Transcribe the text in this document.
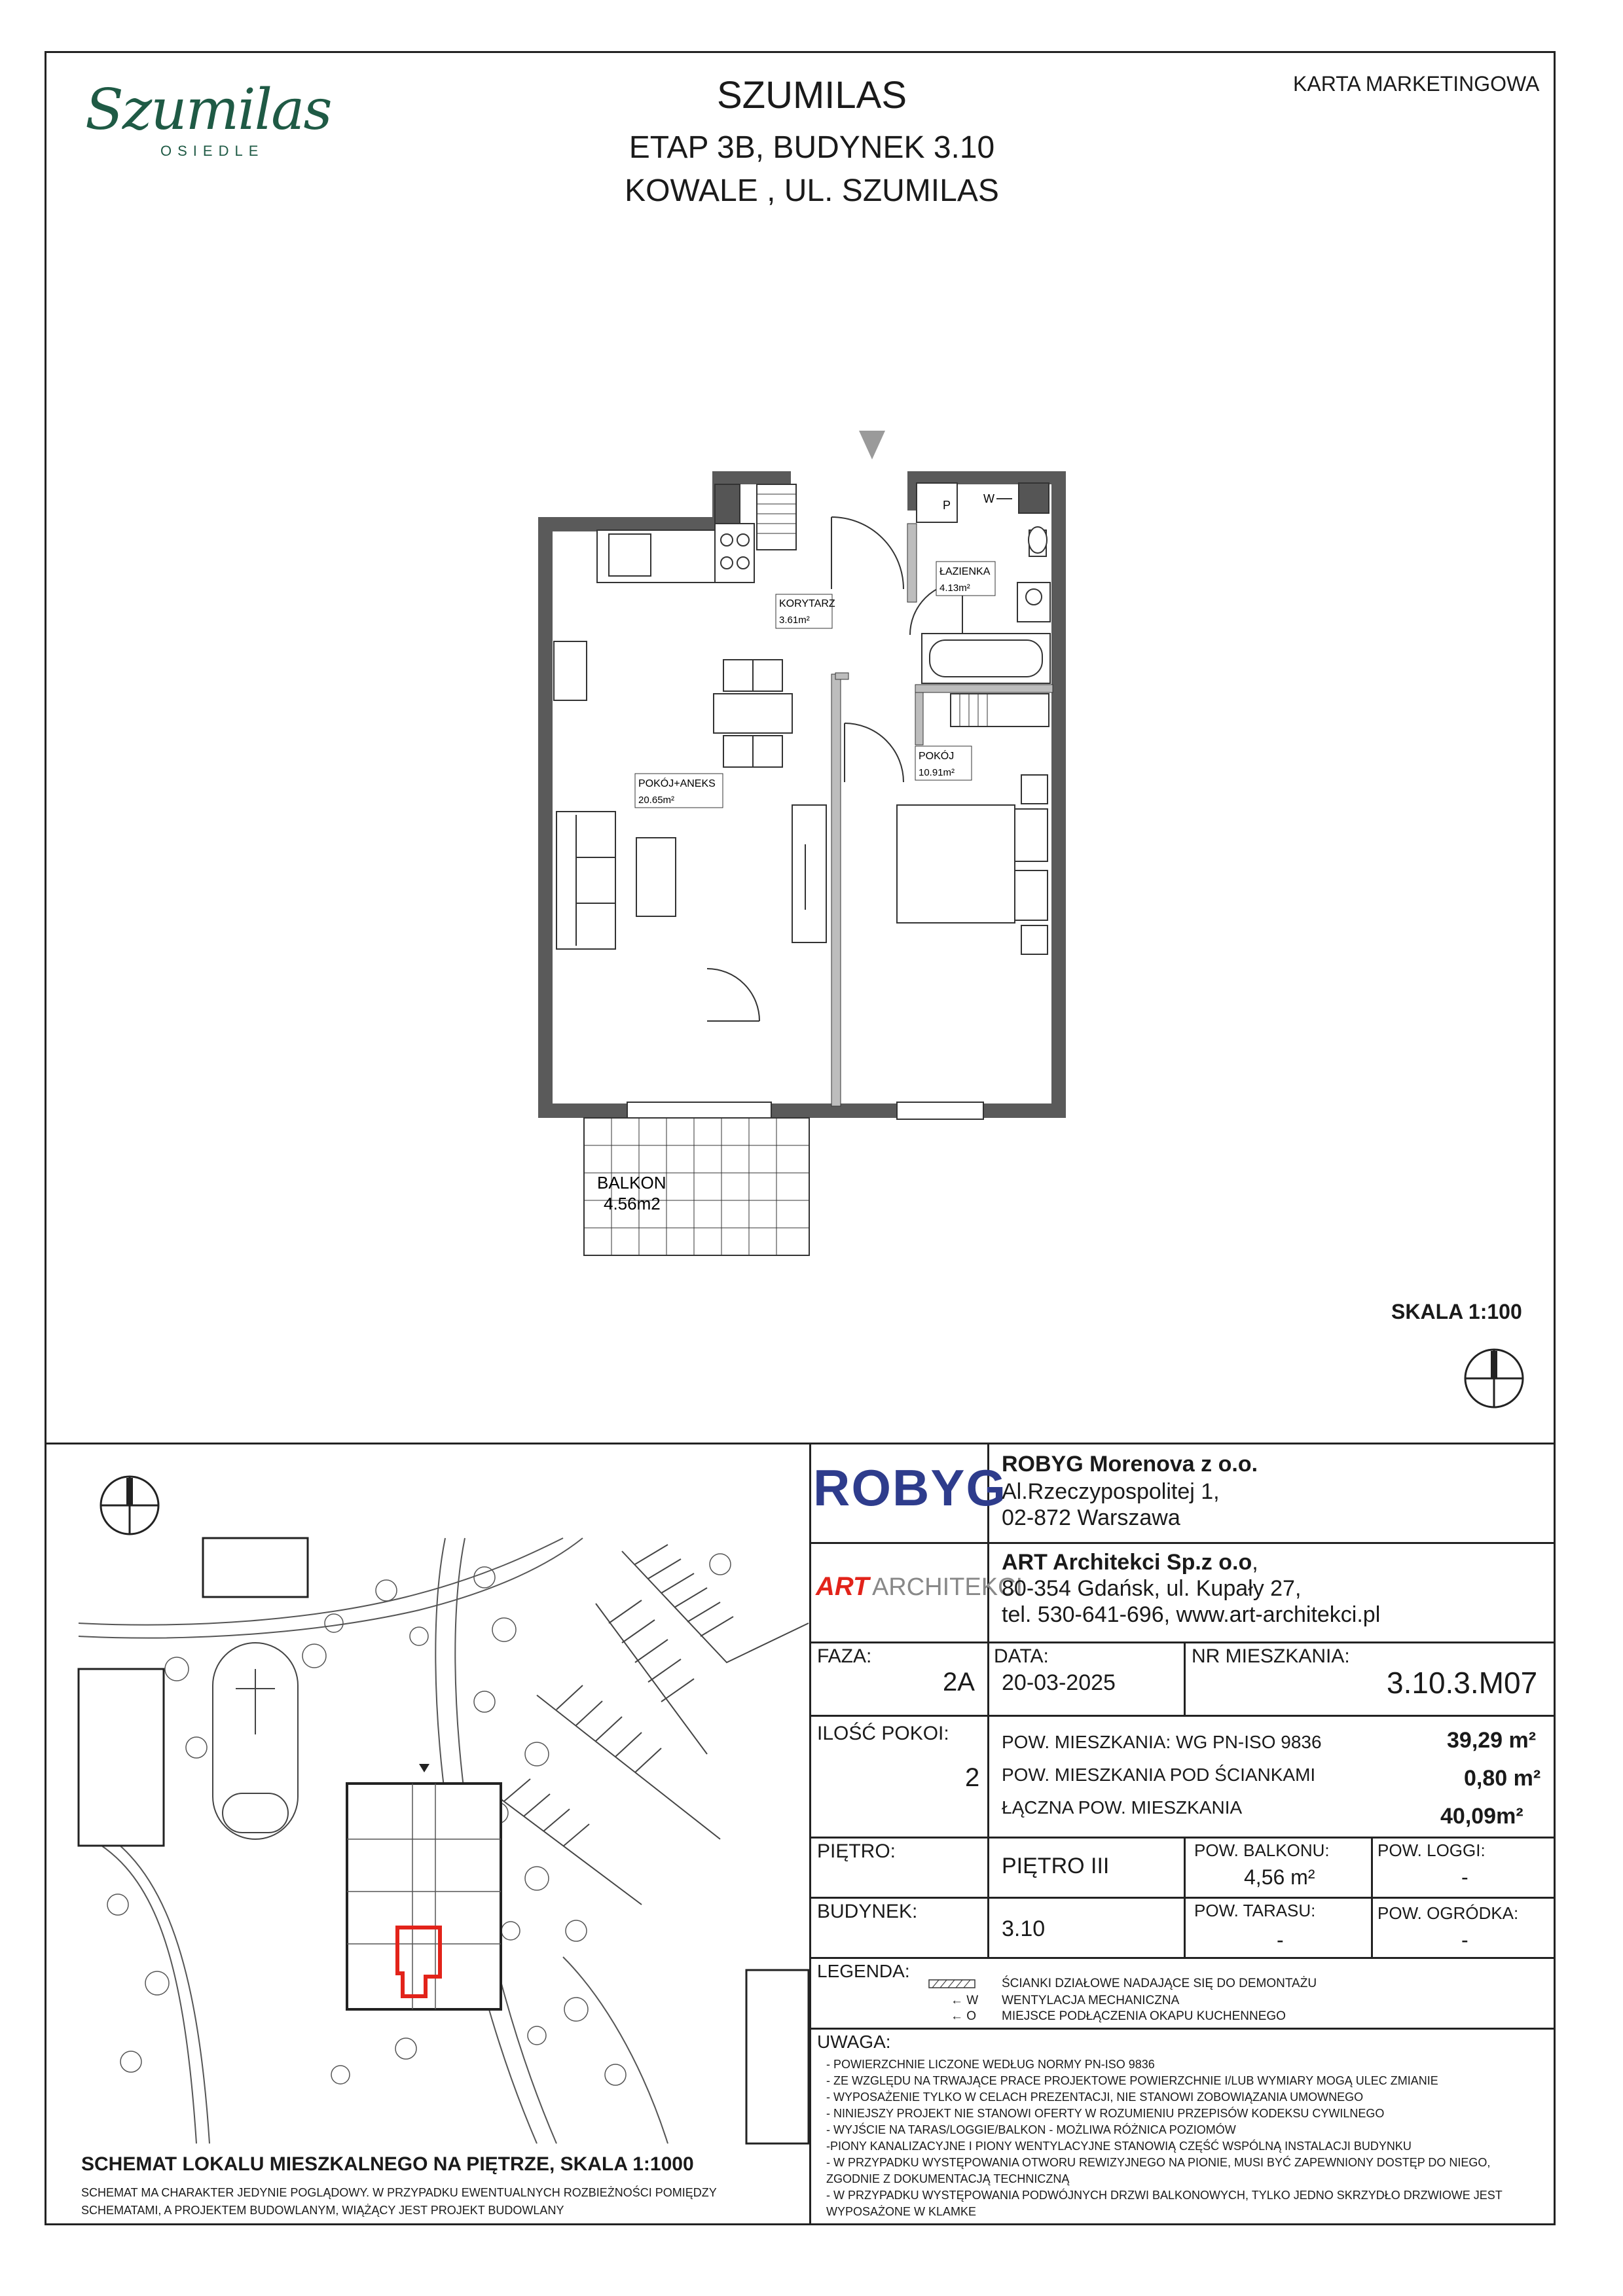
Szumilas
OSIEDLE
SZUMILAS
ETAP 3B, BUDYNEK 3.10
KOWALE , UL. SZUMILAS
KARTA MARKETINGOWA
KORYTARZ
3.61m²
ŁAZIENKA
4.13m²
POKÓJ+ANEKS
20.65m²
POKÓJ
10.91m²
P	W
BALKON
4.56m2
SKALA 1:100
SCHEMAT LOKALU MIESZKALNEGO NA PIĘTRZE, SKALA 1:1000
SCHEMAT MA CHARAKTER JEDYNIE POGLĄDOWY. W PRZYPADKU EWENTUALNYCH ROZBIEŻNOŚCI POMIĘDZY
SCHEMATAMI, A PROJEKTEM BUDOWLANYM, WIĄŻĄCY JEST PROJEKT BUDOWLANY
ROBYG
ROBYG Morenova z o.o.
Al.Rzeczypospolitej 1,
02-872 Warszawa
ART ARCHITEKCI
ART Architekci Sp.z o.o,
80-354 Gdańsk, ul. Kupały 27,
tel. 530-641-696, www.art-architekci.pl
FAZA:
2A
DATA:
20-03-2025
NR MIESZKANIA:
3.10.3.M07
ILOŚĆ POKOI:
2
POW. MIESZKANIA: WG PN-ISO 9836	39,29 m²
POW. MIESZKANIA POD ŚCIANKAMI	0,80 m²
ŁĄCZNA POW. MIESZKANIA	40,09m²
PIĘTRO:
PIĘTRO III
POW. BALKONU:
4,56 m²
POW. LOGGI:
-
BUDYNEK:
3.10
POW. TARASU:
-
POW. OGRÓDKA:
-
LEGENDA:
ŚCIANKI DZIAŁOWE NADAJĄCE SIĘ DO DEMONTAŻU
← W WENTYLACJA MECHANICZNA
← O MIEJSCE PODŁĄCZENIA OKAPU KUCHENNEGO
UWAGA:
- POWIERZCHNIE LICZONE WEDŁUG NORMY PN-ISO 9836
- ZE WZGLĘDU NA TRWAJĄCE PRACE PROJEKTOWE POWIERZCHNIE I/LUB WYMIARY MOGĄ ULEC ZMIANIE
- WYPOSAŻENIE TYLKO W CELACH PREZENTACJI, NIE STANOWI ZOBOWIĄZANIA UMOWNEGO
- NINIEJSZY PROJEKT NIE STANOWI OFERTY W ROZUMIENIU PRZEPISÓW KODEKSU CYWILNEGO
- WYJŚCIE NA TARAS/LOGGIE/BALKON - MOŻLIWA RÓŻNICA POZIOMÓW
-PIONY KANALIZACYJNE I PIONY WENTYLACYJNE STANOWIĄ CZĘŚĆ WSPÓLNĄ INSTALACJI BUDYNKU
- W PRZYPADKU WYSTĘPOWANIA OTWORU REWIZYJNEGO NA PIONIE, MUSI BYĆ ZAPEWNIONY DOSTĘP DO NIEGO,
ZGODNIE Z DOKUMENTACJĄ TECHNICZNĄ
- W PRZYPADKU WYSTĘPOWANIA PODWÓJNYCH DRZWI BALKONOWYCH, TYLKO JEDNO SKRZYDŁO DRZWIOWE JEST
WYPOSAŻONE W KLAMKE
